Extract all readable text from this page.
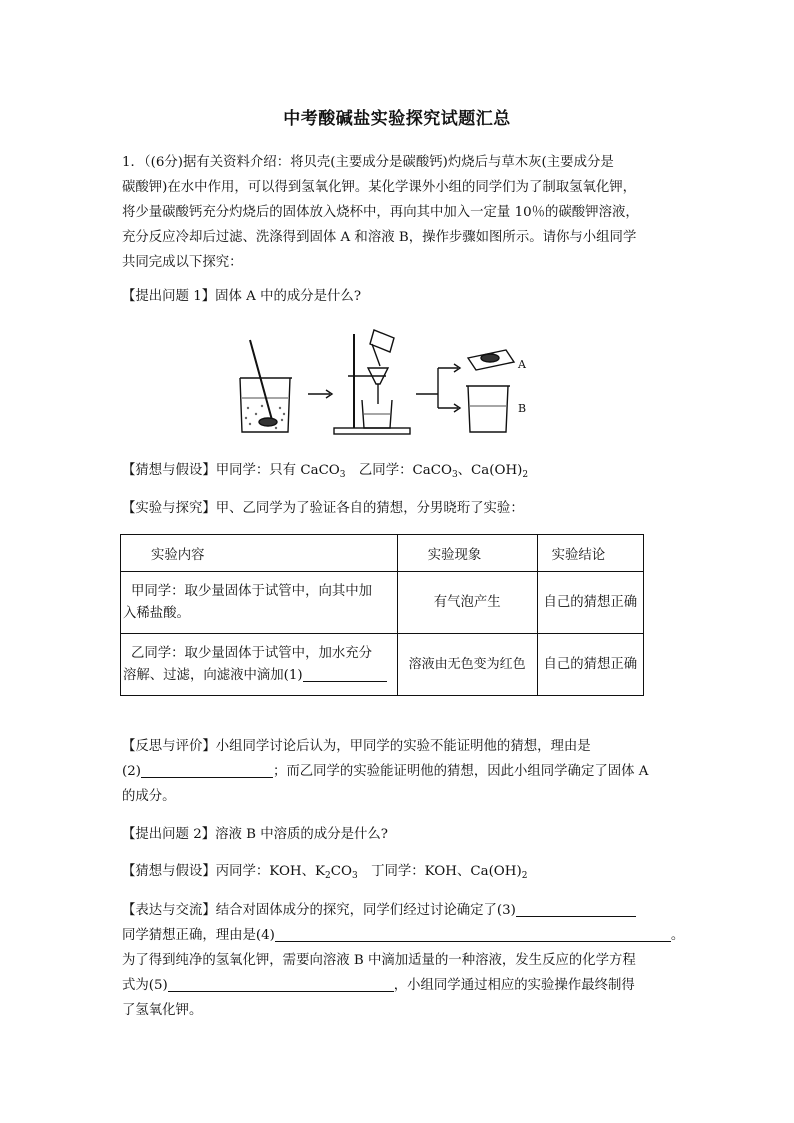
中考酸碱盐实验探究试题汇总

1．（(6分)据有关资料介绍：将贝壳(主要成分是碳酸钙)灼烧后与草木灰(主要成分是
碳酸钾)在水中作用，可以得到氢氧化钾。某化学课外小组的同学们为了制取氢氧化钾，
将少量碳酸钙充分灼烧后的固体放入烧杯中，再向其中加入一定量 10％的碳酸钾溶液，
充分反应冷却后过滤、洗涤得到固体 A 和溶液 B，操作步骤如图所示。请你与小组同学
共同完成以下探究：

【提出问题 1】固体 A 中的成分是什么?

A
B

【猜想与假设】甲同学：只有 CaCO$_3$　乙同学：CaCO$_3$、$Ca(OH)_2$

【实验与探究】甲、乙同学为了验证各自的猜想，分男晓珩了实验：

实验内容	实验现象	实验结论
甲同学：取少量固体于试管中，向其中加
入稀盐酸。	有气泡产生	自己的猜想正确
乙同学：取少量固体于试管中，加水充分
溶解、过滤，向滤液中滴加(1)	溶液由无色变为红色	自己的猜想正确

【反思与评价】小组同学讨论后认为，甲同学的实验不能证明他的猜想，理由是
(2)	；而乙同学的实验能证明他的猜想，因此小组同学确定了固体 A
的成分。

【提出问题 2】溶液 B 中溶质的成分是什么?

【猜想与假设】丙同学：KOH、$K_2CO_3$　丁同学：KOH、$Ca(OH)_2$

【表达与交流】结合对固体成分的探究，同学们经过讨论确定了(3)
同学猜想正确，理由是(4)	。
为了得到纯净的氢氧化钾，需要向溶液 B 中滴加适量的一种溶液，发生反应的化学方程
式为(5)	，小组同学通过相应的实验操作最终制得
了氢氧化钾。
